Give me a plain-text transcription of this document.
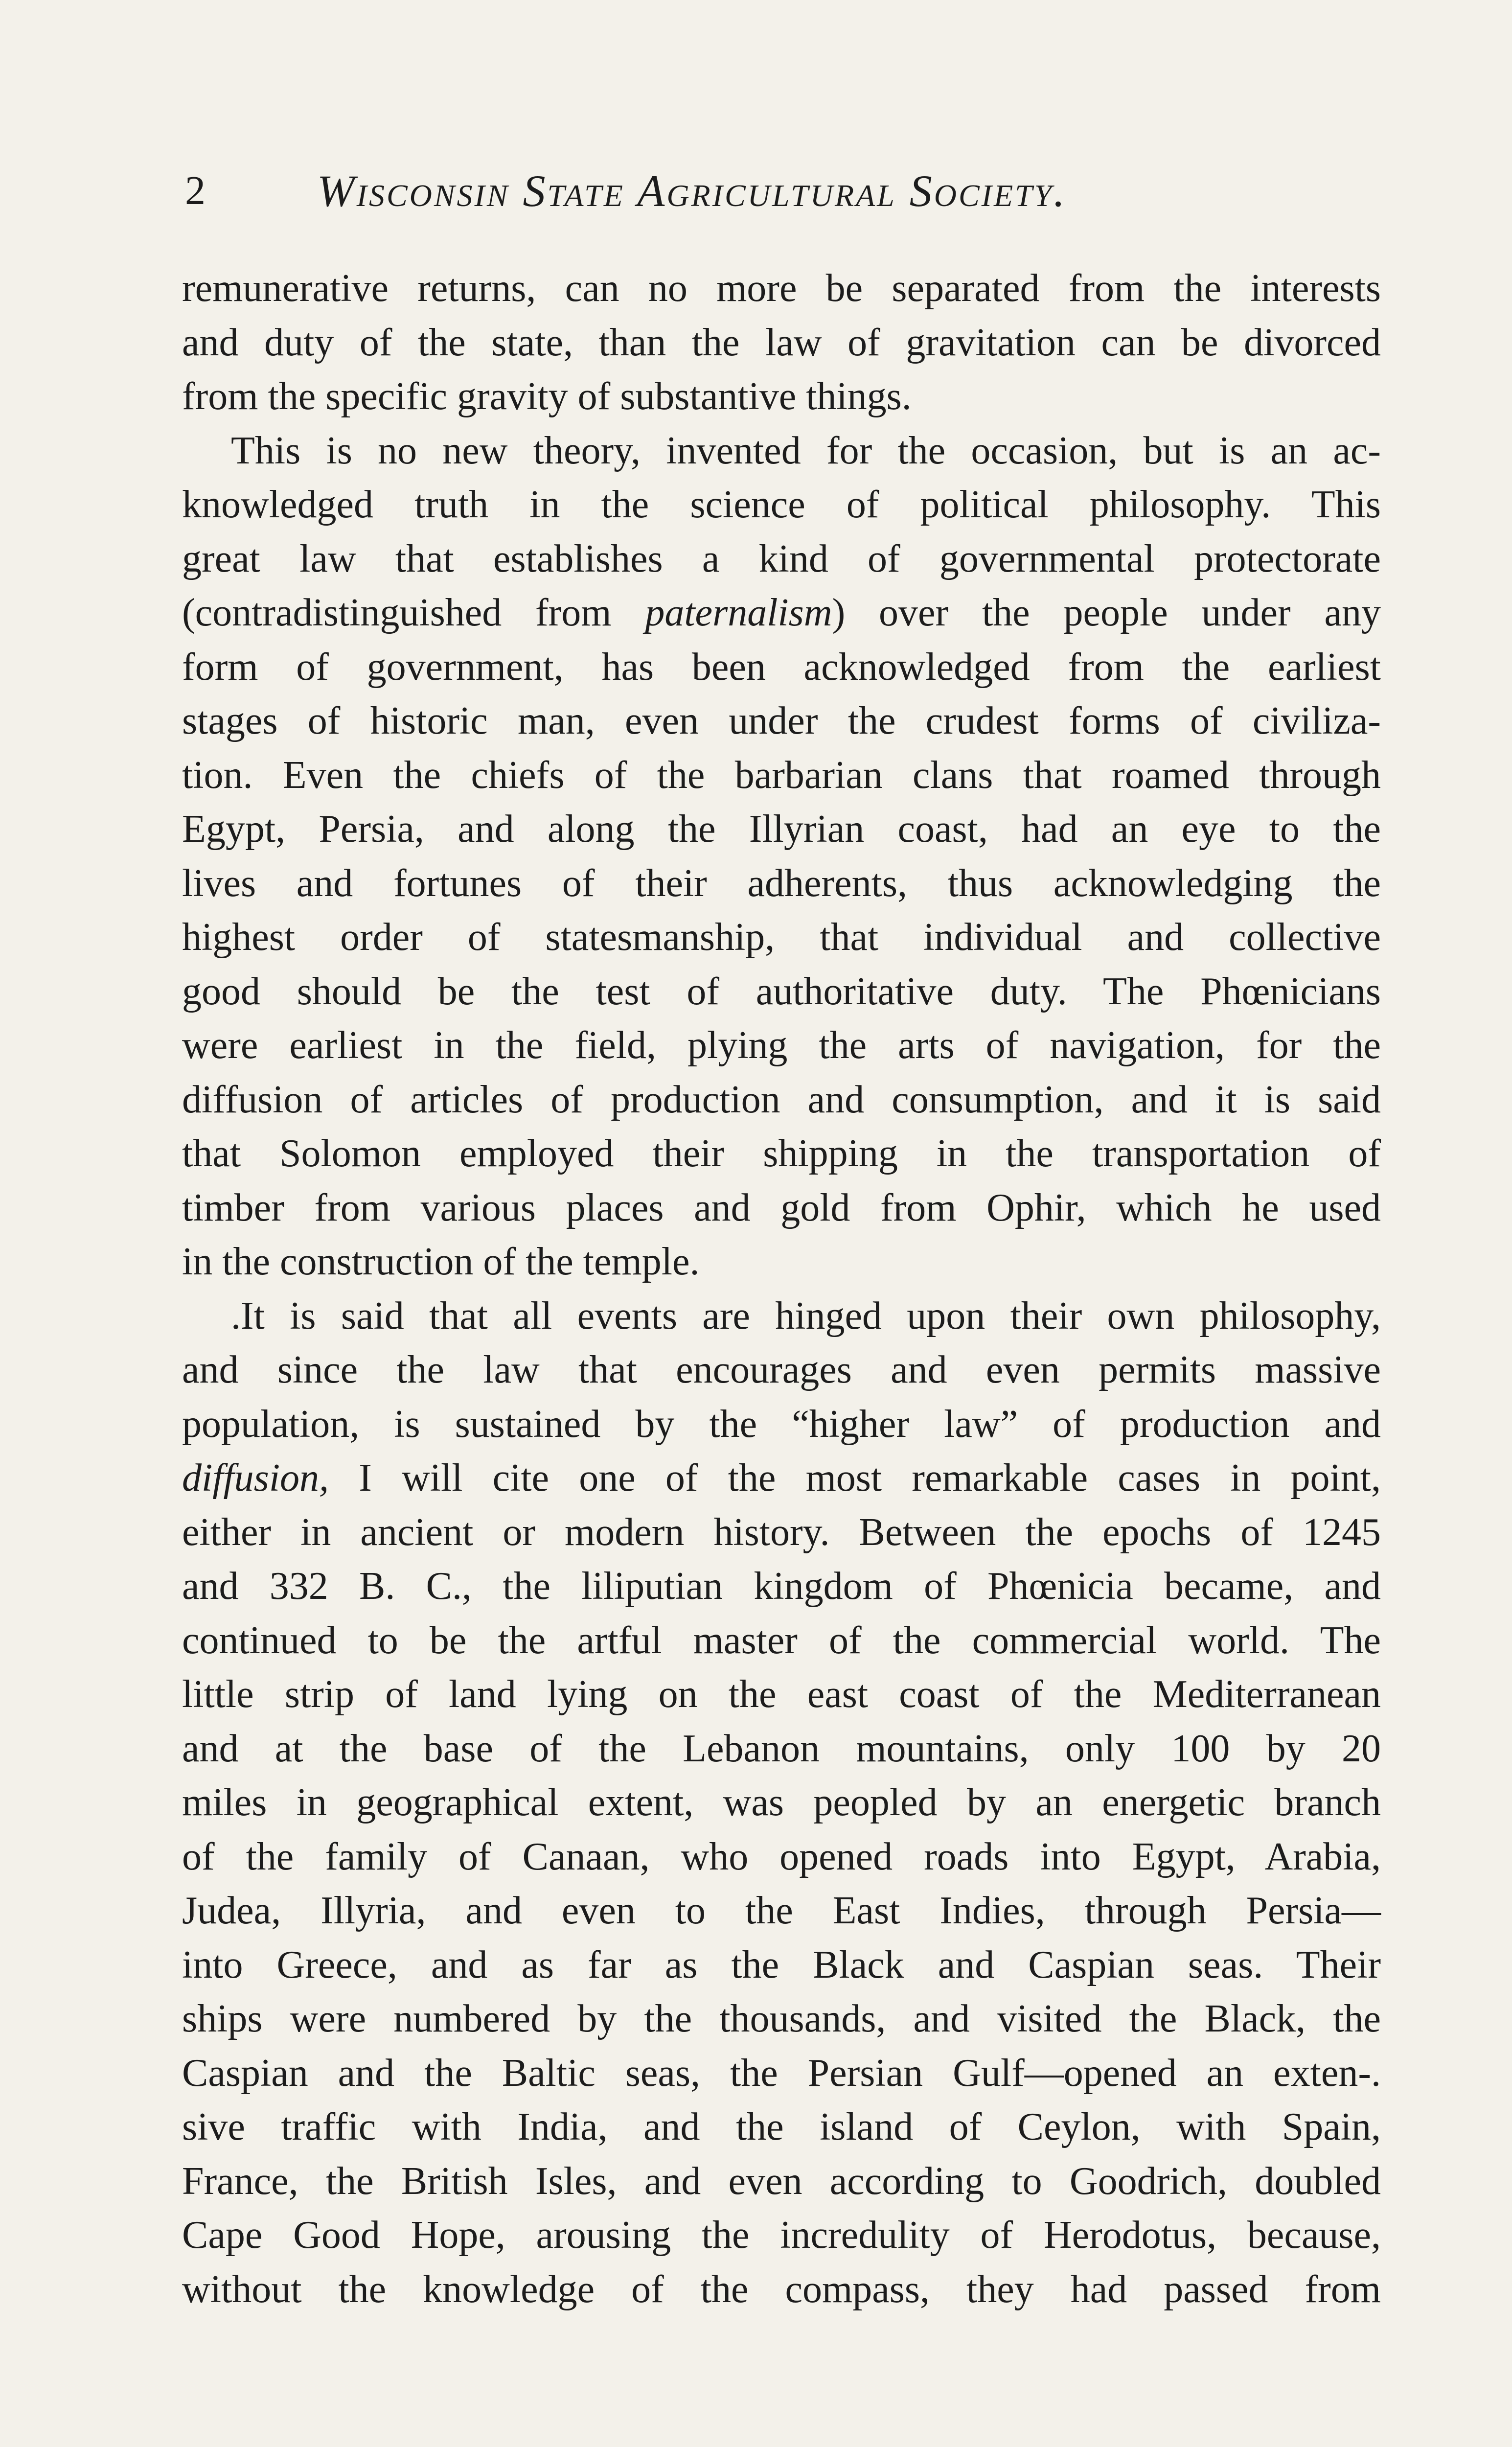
2 Wisconsin State Agricultural Society.
remunerative returns, can no more be separated from the interests
and duty of the state, than the law of gravitation can be divorced
from the specific gravity of substantive things.
This is no new theory, invented for the occasion, but is an ac-
knowledged truth in the science of political philosophy. This
great law that establishes a kind of governmental protectorate
(contradistinguished from paternalism) over the people under any
form of government, has been acknowledged from the earliest
stages of historic man, even under the crudest forms of civiliza-
tion. Even the chiefs of the barbarian clans that roamed through
Egypt, Persia, and along the Illyrian coast, had an eye to the
lives and fortunes of their adherents, thus acknowledging the
highest order of statesmanship, that individual and collective
good should be the test of authoritative duty. The Phœnicians
were earliest in the field, plying the arts of navigation, for the
diffusion of articles of production and consumption, and it is said
that Solomon employed their shipping in the transportation of
timber from various places and gold from Ophir, which he used
in the construction of the temple.
.It is said that all events are hinged upon their own philosophy,
and since the law that encourages and even permits massive
population, is sustained by the “higher law” of production and
diffusion, I will cite one of the most remarkable cases in point,
either in ancient or modern history. Between the epochs of 1245
and 332 B. C., the liliputian kingdom of Phœnicia became, and
continued to be the artful master of the commercial world. The
little strip of land lying on the east coast of the Mediterranean
and at the base of the Lebanon mountains, only 100 by 20
miles in geographical extent, was peopled by an energetic branch
of the family of Canaan, who opened roads into Egypt, Arabia,
Judea, Illyria, and even to the East Indies, through Persia—
into Greece, and as far as the Black and Caspian seas. Their
ships were numbered by the thousands, and visited the Black, the
Caspian and the Baltic seas, the Persian Gulf—opened an exten-.
sive traffic with India, and the island of Ceylon, with Spain,
France, the British Isles, and even according to Goodrich, doubled
Cape Good Hope, arousing the incredulity of Herodotus, because,
without the knowledge of the compass, they had passed from
